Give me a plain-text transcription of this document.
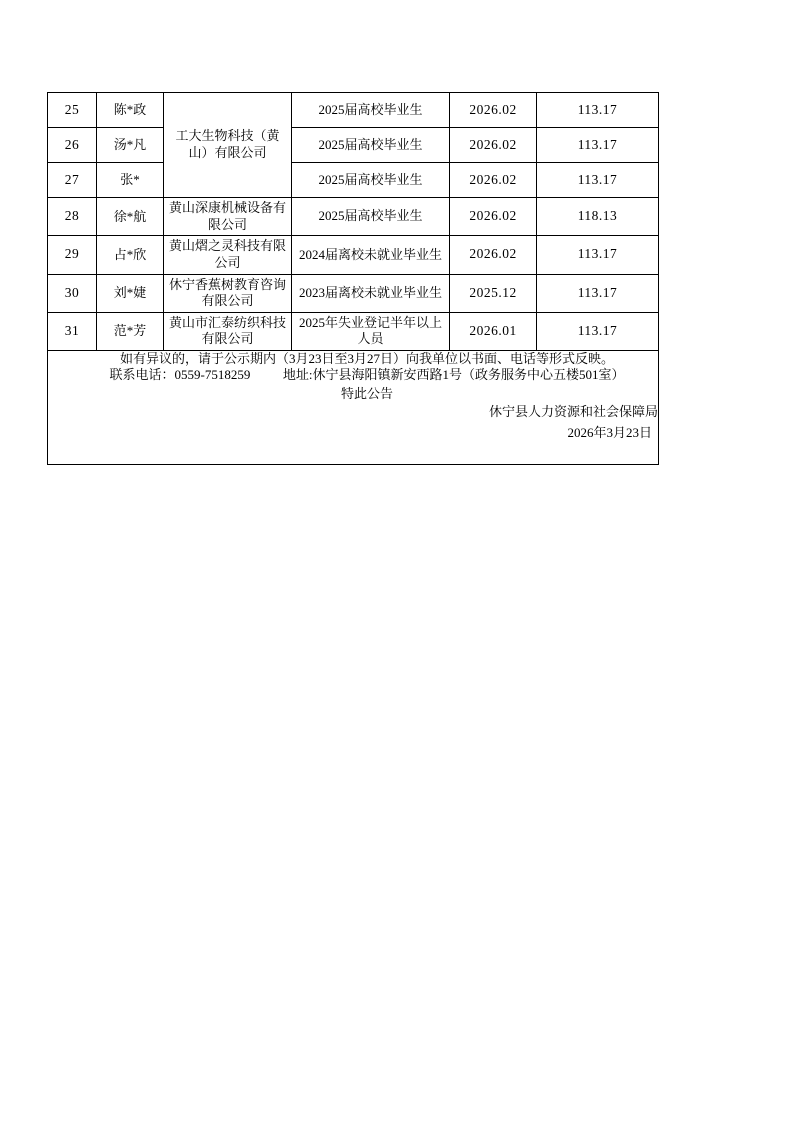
25	陈*政	工大生物科技（黄山）有限公司	2025届高校毕业生	2026.02	113.17
26	汤*凡		2025届高校毕业生	2026.02	113.17
27	张*		2025届高校毕业生	2026.02	113.17
28	徐*航	黄山深康机械设备有限公司	2025届高校毕业生	2026.02	118.13
29	占*欣	黄山熠之灵科技有限公司	2024届离校未就业毕业生	2026.02	113.17
30	刘*婕	休宁香蕉树教育咨询有限公司	2023届离校未就业毕业生	2025.12	113.17
31	范*芳	黄山市汇泰纺织科技有限公司	2025年失业登记半年以上人员	2026.01	113.17

如有异议的，请于公示期内（3月23日至3月27日）向我单位以书面、电话等形式反映。
联系电话：0559-7518259          地址:休宁县海阳镇新安西路1号（政务服务中心五楼501室）
特此公告
休宁县人力资源和社会保障局
2026年3月23日					
